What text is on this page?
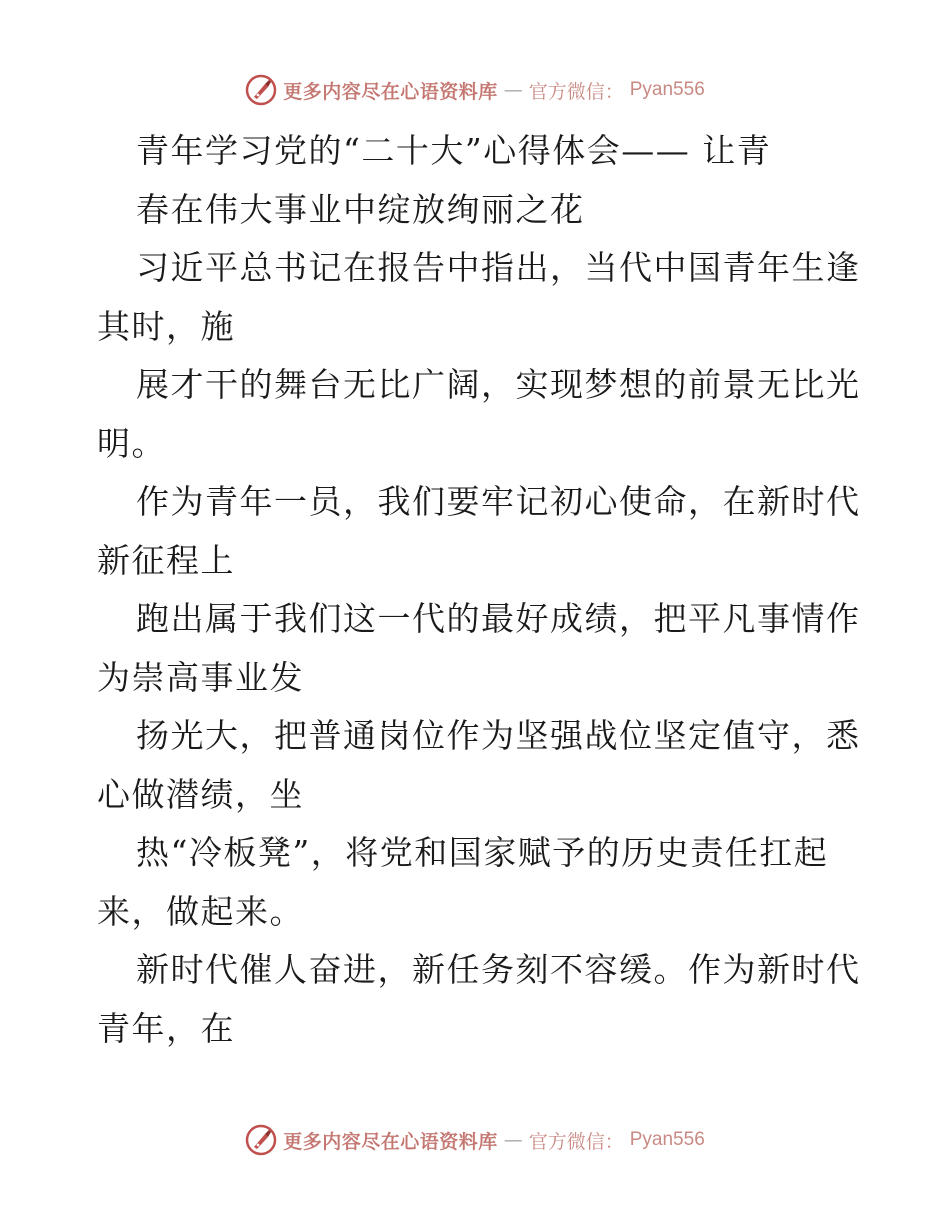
更多内容尽在心语资料库 — 官方微信： Pyan556
青年学习党的“二十大”心得体会—— 让青
春在伟大事业中绽放绚丽之花
习近平总书记在报告中指出，当代中国青年生逢
其时，施
展才干的舞台无比广阔，实现梦想的前景无比光
明。
作为青年一员，我们要牢记初心使命，在新时代
新征程上
跑出属于我们这一代的最好成绩，把平凡事情作
为崇高事业发
扬光大，把普通岗位作为坚强战位坚定值守，悉
心做潜绩，坐
热“冷板凳”，将党和国家赋予的历史责任扛起
来，做起来。
新时代催人奋进，新任务刻不容缓。作为新时代
青年，在
更多内容尽在心语资料库 — 官方微信： Pyan556
